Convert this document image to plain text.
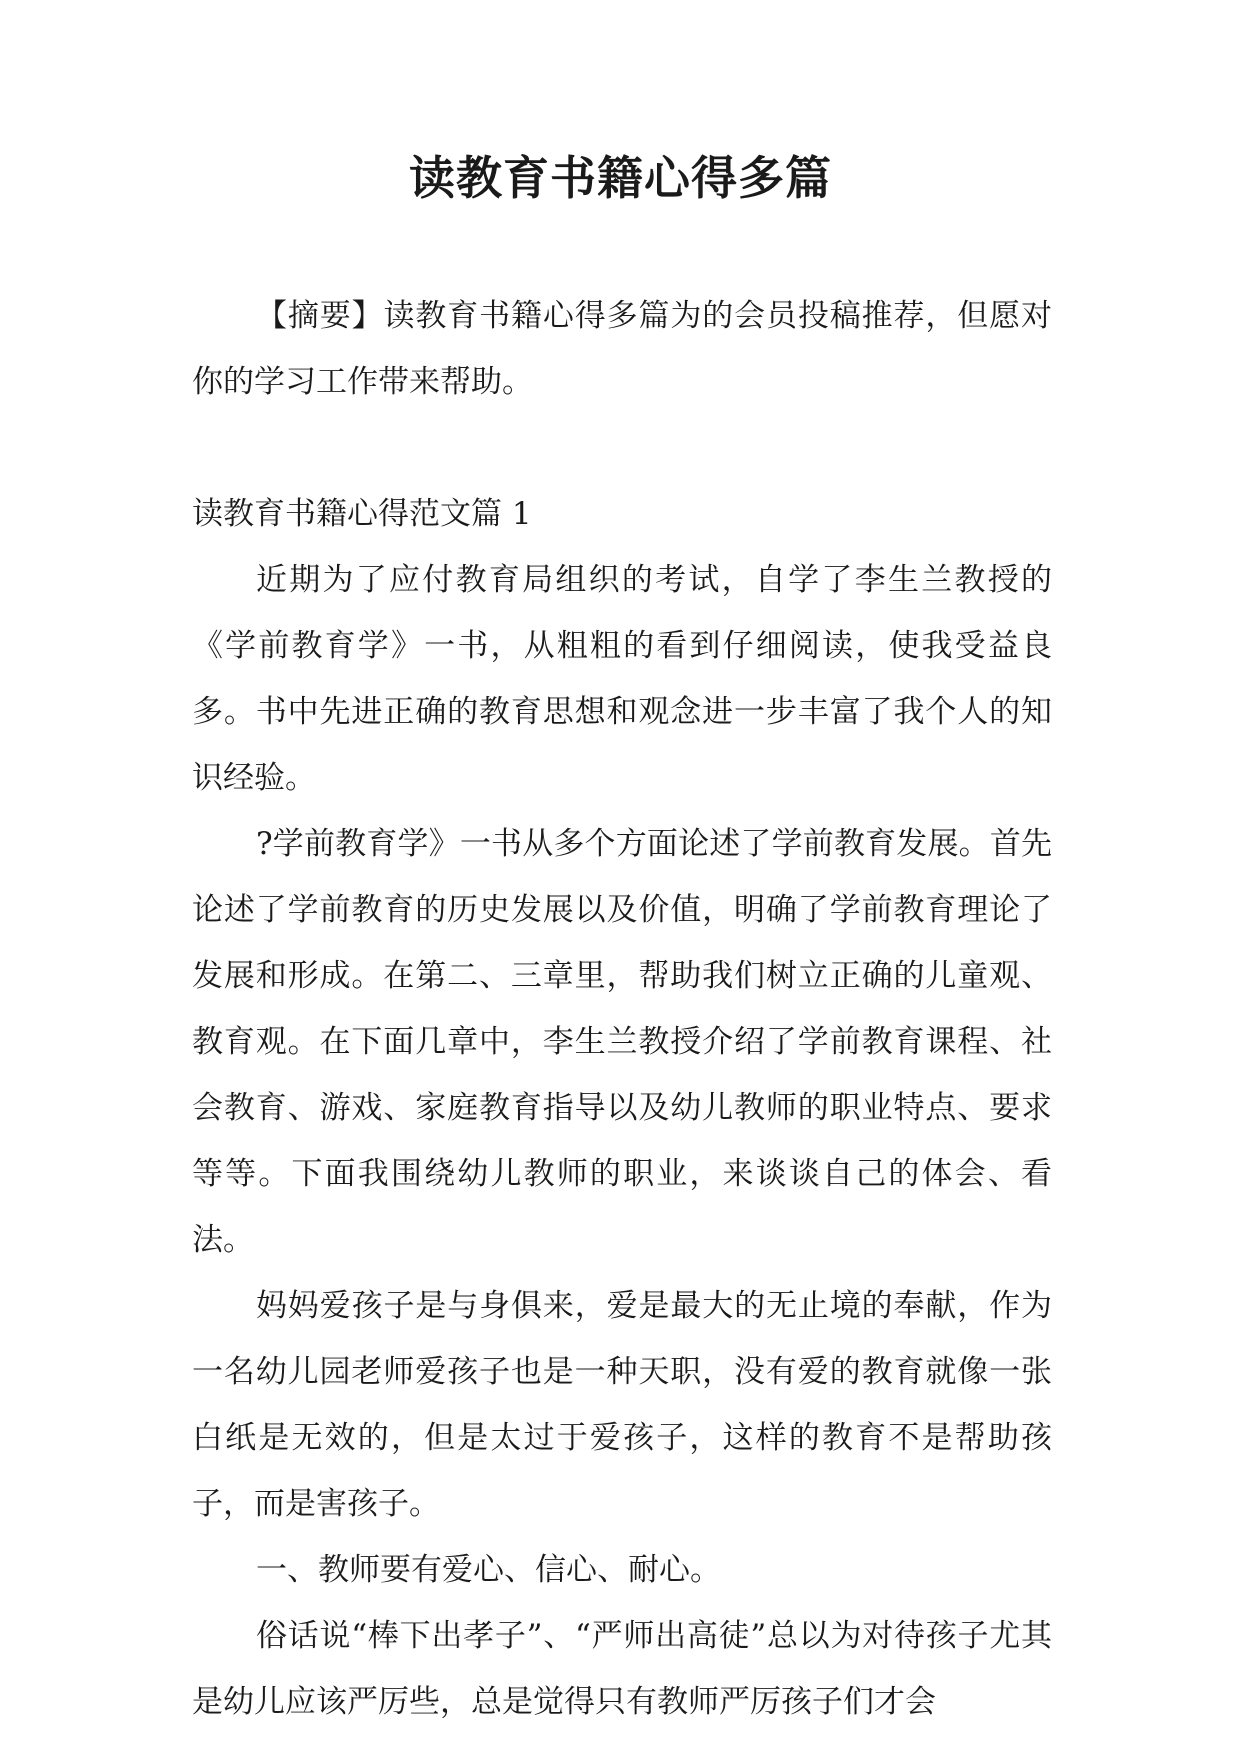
读教育书籍心得多篇

【摘要】读教育书籍心得多篇为的会员投稿推荐，但愿对你的学习工作带来帮助。

读教育书籍心得范文篇 1

近期为了应付教育局组织的考试，自学了李生兰教授的《学前教育学》一书，从粗粗的看到仔细阅读，使我受益良多。书中先进正确的教育思想和观念进一步丰富了我个人的知识经验。

?学前教育学》一书从多个方面论述了学前教育发展。首先论述了学前教育的历史发展以及价值，明确了学前教育理论了发展和形成。在第二、三章里，帮助我们树立正确的儿童观、教育观。在下面几章中，李生兰教授介绍了学前教育课程、社会教育、游戏、家庭教育指导以及幼儿教师的职业特点、要求等等。下面我围绕幼儿教师的职业，来谈谈自己的体会、看法。

妈妈爱孩子是与身俱来，爱是最大的无止境的奉献，作为一名幼儿园老师爱孩子也是一种天职，没有爱的教育就像一张白纸是无效的，但是太过于爱孩子，这样的教育不是帮助孩子，而是害孩子。

一、教师要有爱心、信心、耐心。

俗话说“棒下出孝子”、“严师出高徒”总以为对待孩子尤其是幼儿应该严厉些，总是觉得只有教师严厉孩子们才会
